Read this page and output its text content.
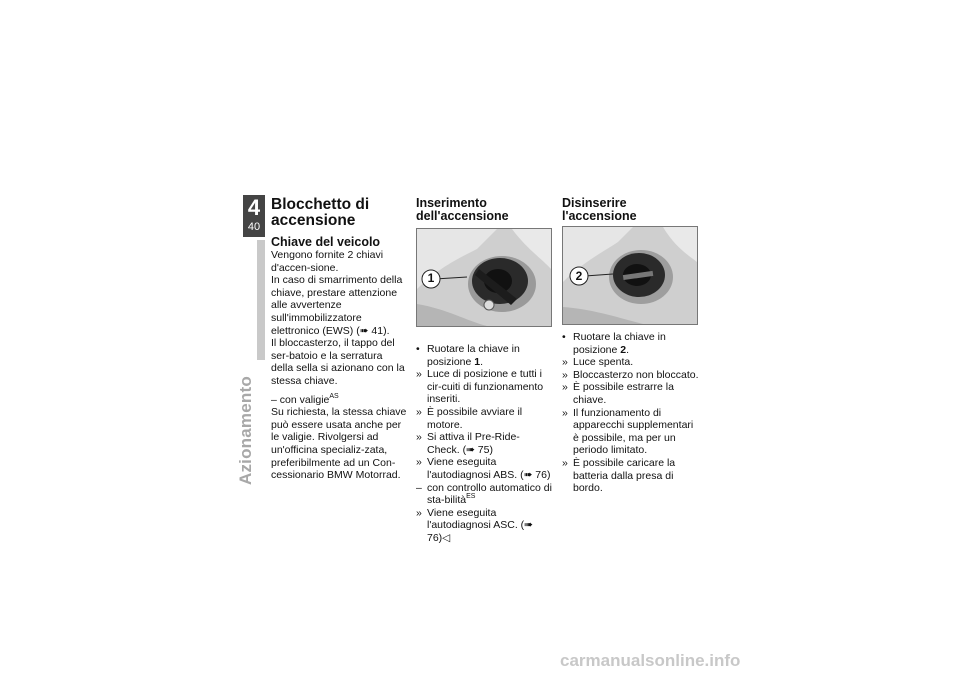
4
40
Azionamento
Blocchetto di accensione
Chiave del veicolo

Vengono fornite 2 chiavi d'accen-sione.

In caso di smarrimento della chiave, prestare attenzione alle avvertenze sull'immobilizzatore elettronico (EWS) (➠ 41).

Il bloccasterzo, il tappo del ser-batoio e la serratura della sella si azionano con la stessa chiave.

– con valigie$^{AS}$

Su richiesta, la stessa chiave può essere usata anche per le valigie. Rivolgersi ad un'officina specializ-zata, preferibilmente ad un Con-cessionario BMW Motorrad.

Inserimento dell'accensione
1
• Ruotare la chiave in posizione 1.
» Luce di posizione e tutti i cir-cuiti di funzionamento inseriti.
» È possibile avviare il motore.
» Si attiva il Pre-Ride-Check. (➠ 75)
» Viene eseguita l'autodiagnosi ABS. (➠ 76)
– con controllo automatico di sta-bilità$^{ES}$
» Viene eseguita l'autodiagnosi ASC. (➠ 76)◁
Disinserire l'accensione
2
• Ruotare la chiave in posizione 2.
» Luce spenta.
» Bloccasterzo non bloccato.
» È possibile estrarre la chiave.
» Il funzionamento di apparecchi supplementari è possibile, ma per un periodo limitato.
» È possibile caricare la batteria dalla presa di bordo.
carmanualsonline.info
